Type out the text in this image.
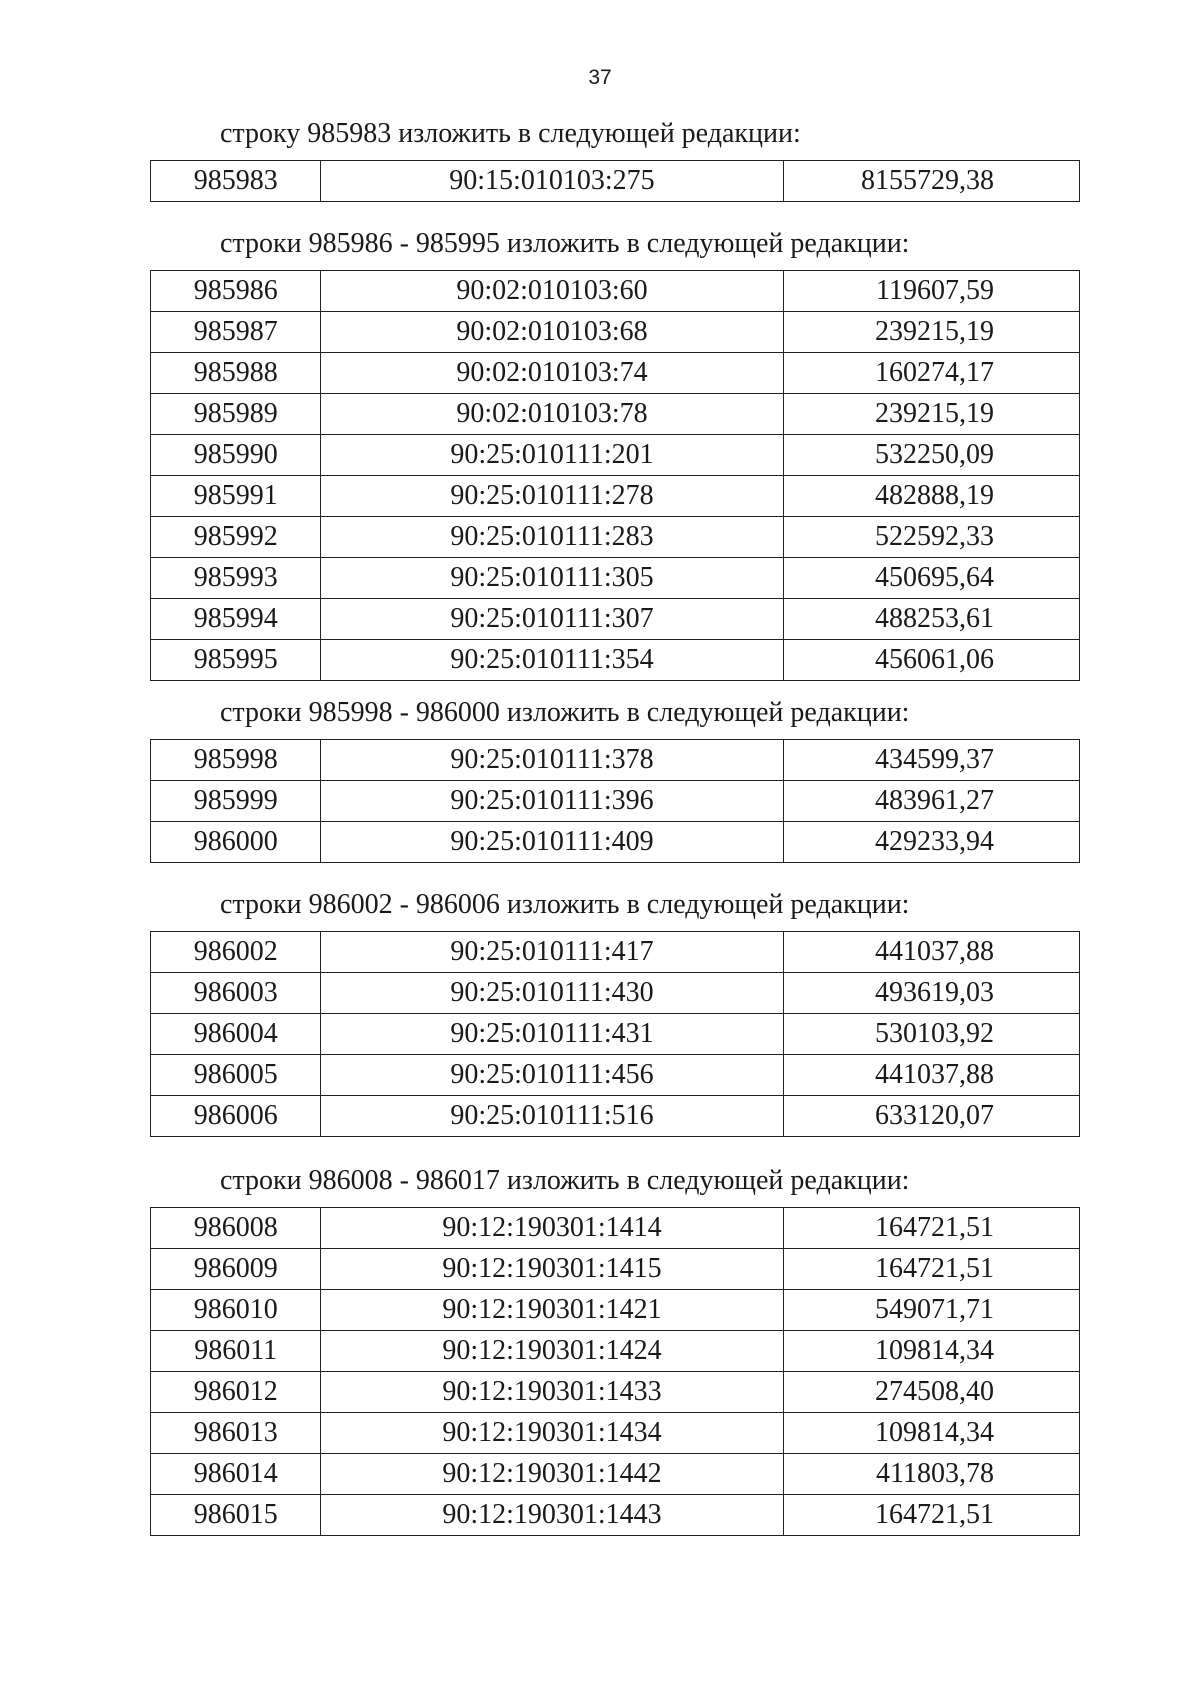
37

строку 985983 изложить в следующей редакции:

985983	90:15:010103:275	8155729,38

строки 985986 - 985995 изложить в следующей редакции:

985986	90:02:010103:60	119607,59
985987	90:02:010103:68	239215,19
985988	90:02:010103:74	160274,17
985989	90:02:010103:78	239215,19
985990	90:25:010111:201	532250,09
985991	90:25:010111:278	482888,19
985992	90:25:010111:283	522592,33
985993	90:25:010111:305	450695,64
985994	90:25:010111:307	488253,61
985995	90:25:010111:354	456061,06

строки 985998 - 986000 изложить в следующей редакции:

985998	90:25:010111:378	434599,37
985999	90:25:010111:396	483961,27
986000	90:25:010111:409	429233,94

строки 986002 - 986006 изложить в следующей редакции:

986002	90:25:010111:417	441037,88
986003	90:25:010111:430	493619,03
986004	90:25:010111:431	530103,92
986005	90:25:010111:456	441037,88
986006	90:25:010111:516	633120,07

строки 986008 - 986017 изложить в следующей редакции:

986008	90:12:190301:1414	164721,51
986009	90:12:190301:1415	164721,51
986010	90:12:190301:1421	549071,71
986011	90:12:190301:1424	109814,34
986012	90:12:190301:1433	274508,40
986013	90:12:190301:1434	109814,34
986014	90:12:190301:1442	411803,78
986015	90:12:190301:1443	164721,51
